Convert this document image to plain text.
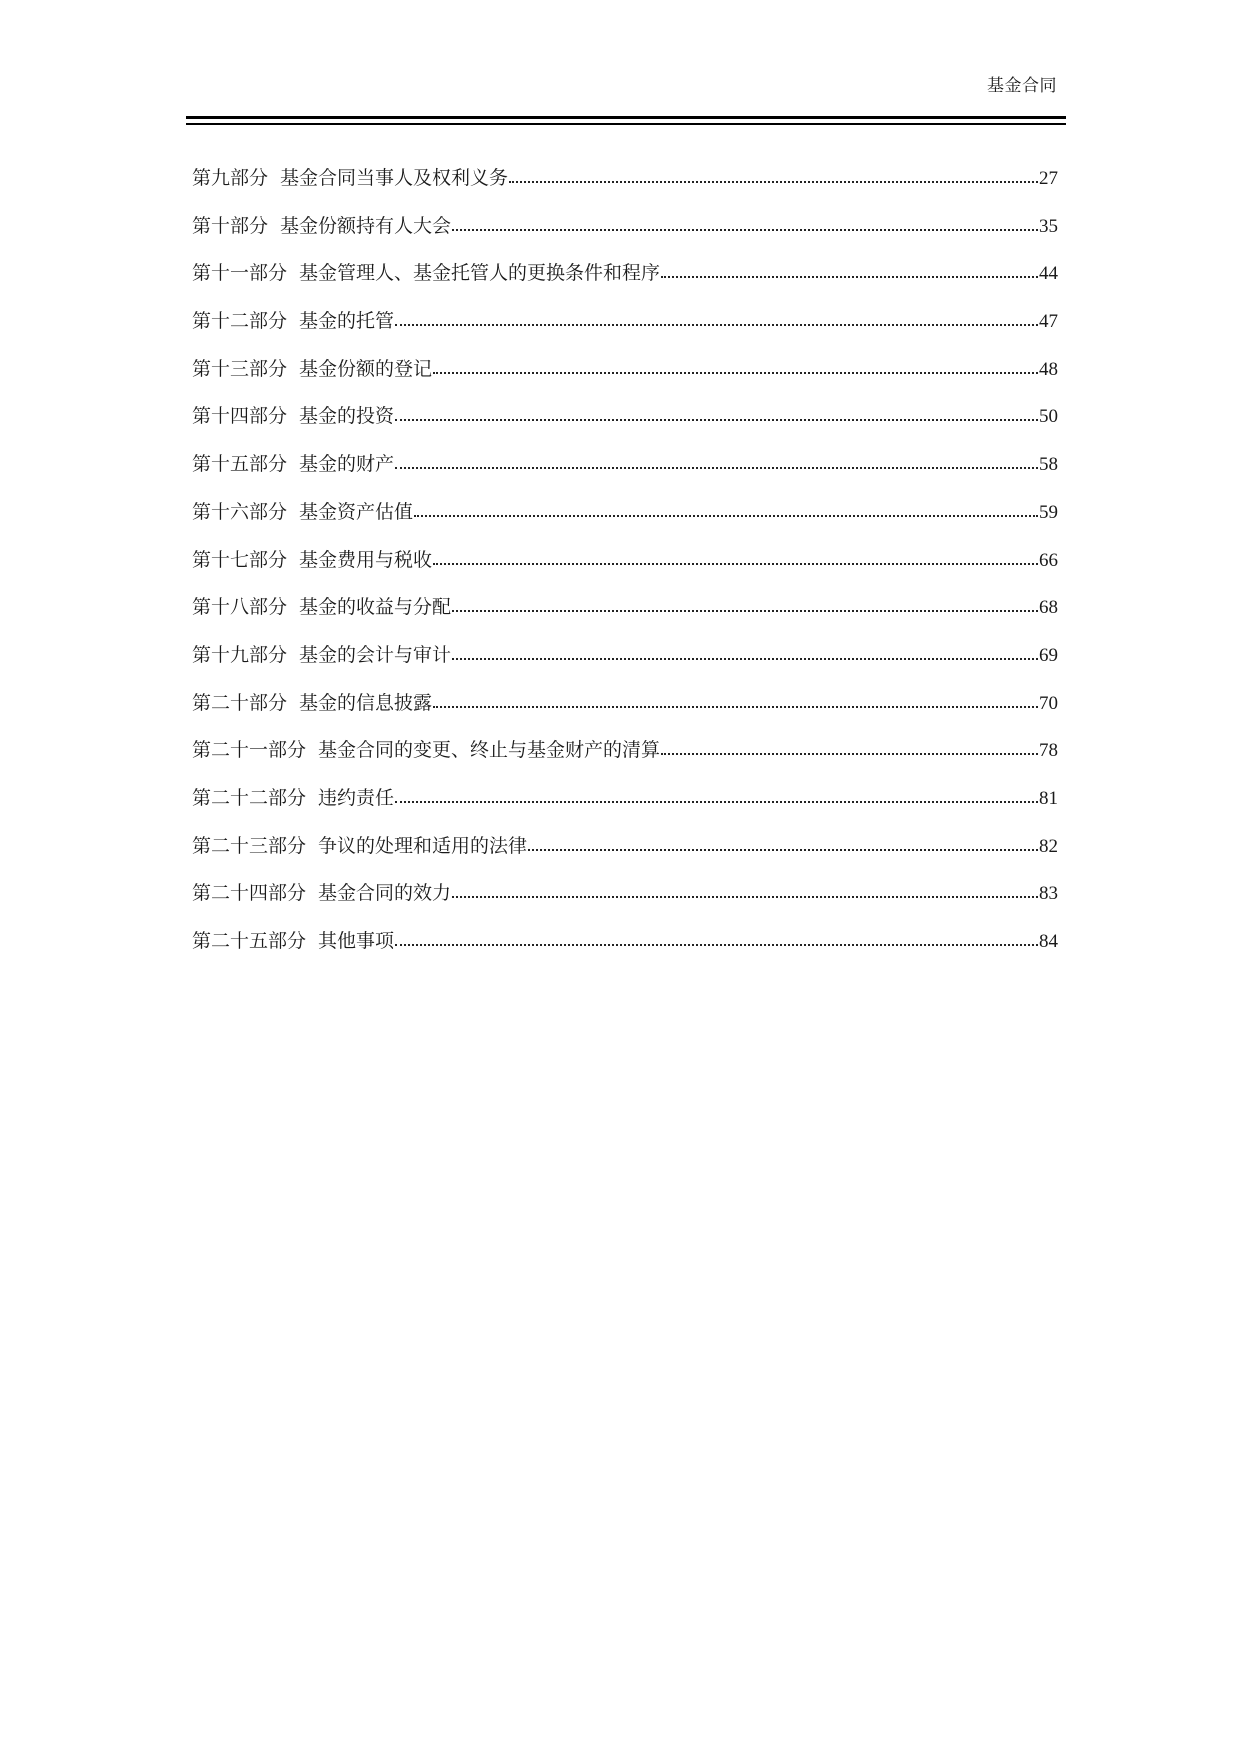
基金合同
第九部分 基金合同当事人及权利义务	27
第十部分 基金份额持有人大会	35
第十一部分 基金管理人、基金托管人的更换条件和程序	44
第十二部分 基金的托管	47
第十三部分 基金份额的登记	48
第十四部分 基金的投资	50
第十五部分 基金的财产	58
第十六部分 基金资产估值	59
第十七部分 基金费用与税收	66
第十八部分 基金的收益与分配	68
第十九部分 基金的会计与审计	69
第二十部分 基金的信息披露	70
第二十一部分 基金合同的变更、终止与基金财产的清算	78
第二十二部分 违约责任	81
第二十三部分 争议的处理和适用的法律	82
第二十四部分 基金合同的效力	83
第二十五部分 其他事项	84
